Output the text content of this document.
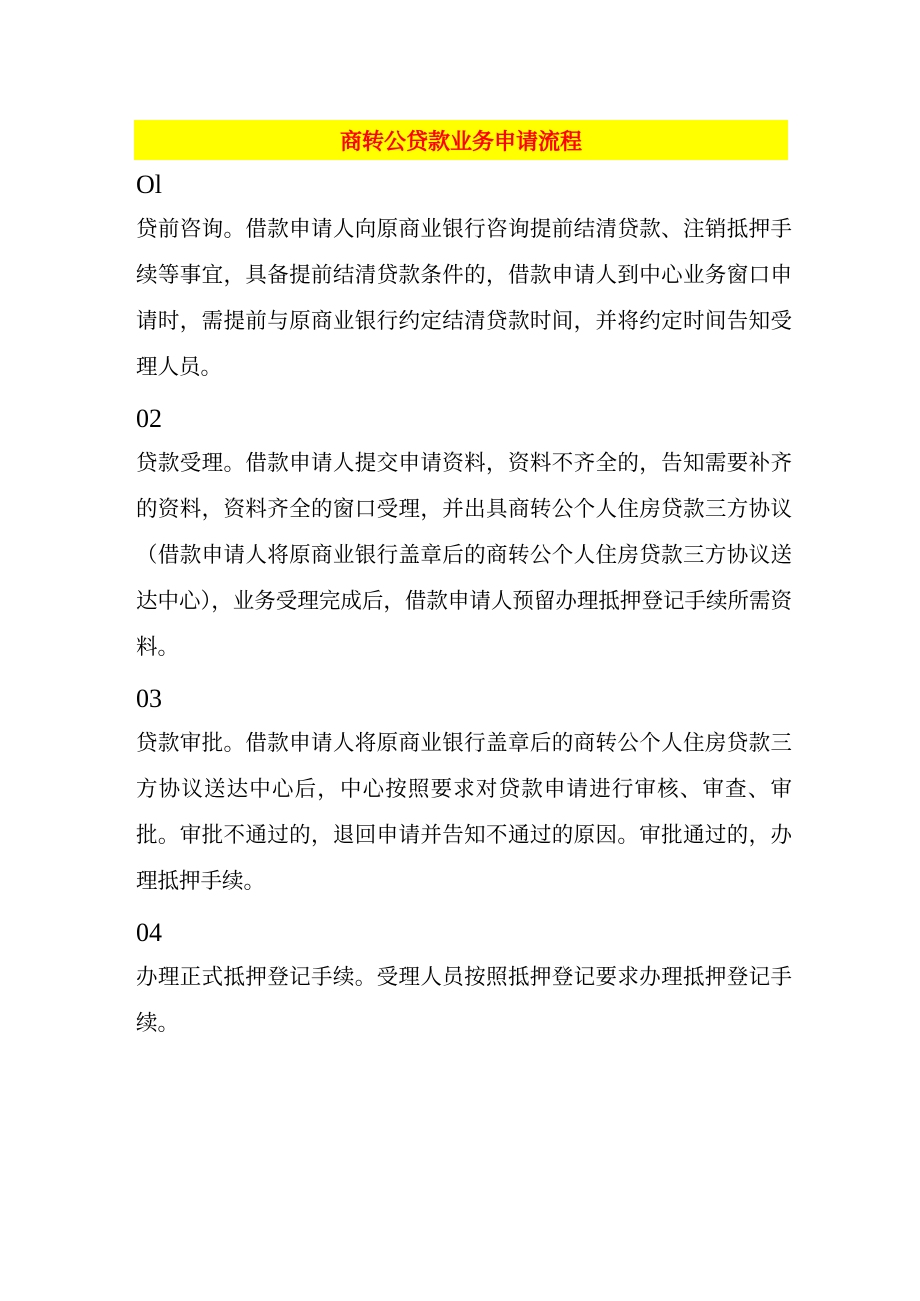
商转公贷款业务申请流程

Ol

贷前咨询。借款申请人向原商业银行咨询提前结清贷款、注销抵押手续等事宜，具备提前结清贷款条件的，借款申请人到中心业务窗口申请时，需提前与原商业银行约定结清贷款时间，并将约定时间告知受理人员。

02

贷款受理。借款申请人提交申请资料，资料不齐全的，告知需要补齐的资料，资料齐全的窗口受理，并出具商转公个人住房贷款三方协议（借款申请人将原商业银行盖章后的商转公个人住房贷款三方协议送达中心），业务受理完成后，借款申请人预留办理抵押登记手续所需资料。

03

贷款审批。借款申请人将原商业银行盖章后的商转公个人住房贷款三方协议送达中心后，中心按照要求对贷款申请进行审核、审查、审批。审批不通过的，退回申请并告知不通过的原因。审批通过的，办理抵押手续。

04

办理正式抵押登记手续。受理人员按照抵押登记要求办理抵押登记手续。
